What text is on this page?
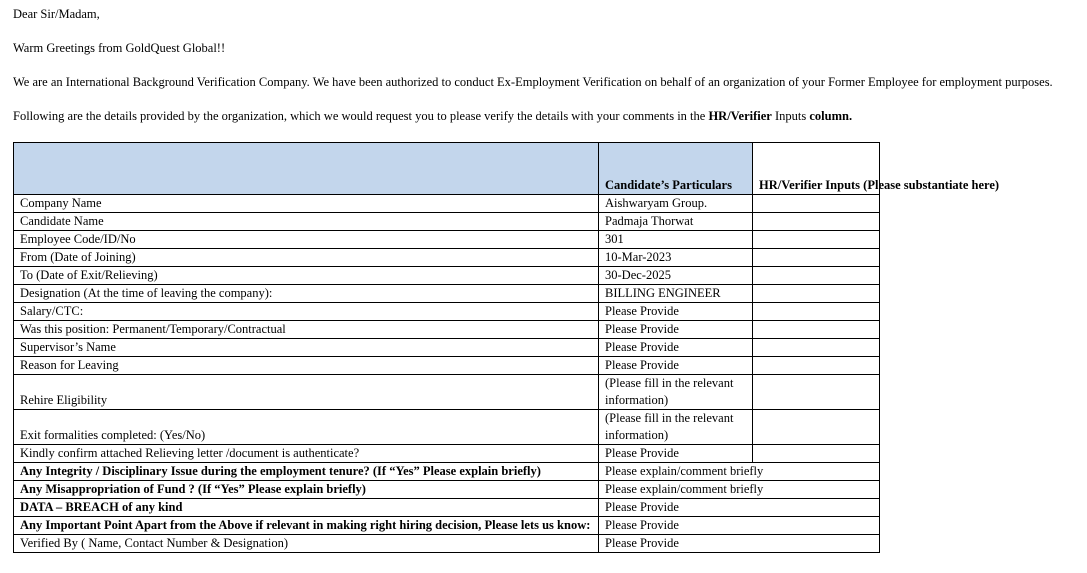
Dear Sir/Madam,

Warm Greetings from GoldQuest Global!!

We are an International Background Verification Company. We have been authorized to conduct Ex-Employment Verification on behalf of an organization of your Former Employee for employment purposes.

Following are the details provided by the organization, which we would request you to please verify the details with your comments in the HR/Verifier Inputs column.

	Candidate’s Particulars	HR/Verifier Inputs (Please substantiate here)
Company Name	Aishwaryam Group.	
Candidate Name	Padmaja Thorwat	
Employee Code/ID/No	301	
From (Date of Joining)	10-Mar-2023	
To (Date of Exit/Relieving)	30-Dec-2025	
Designation (At the time of leaving the company):	BILLING ENGINEER	
Salary/CTC:	Please Provide	
Was this position: Permanent/Temporary/Contractual	Please Provide	
Supervisor’s Name	Please Provide	
Reason for Leaving	Please Provide	
Rehire Eligibility	(Please fill in the relevant information)	
Exit formalities completed: (Yes/No)	(Please fill in the relevant information)	
Kindly confirm attached Relieving letter /document is authenticate?	Please Provide	
Any Integrity / Disciplinary Issue during the employment tenure? (If “Yes” Please explain briefly)	Please explain/comment briefly	
Any Misappropriation of Fund ? (If “Yes” Please explain briefly)	Please explain/comment briefly	
DATA – BREACH of any kind	Please Provide	
Any Important Point Apart from the Above if relevant in making right hiring decision, Please lets us know:	Please Provide	
Verified By ( Name, Contact Number & Designation)	Please Provide	
